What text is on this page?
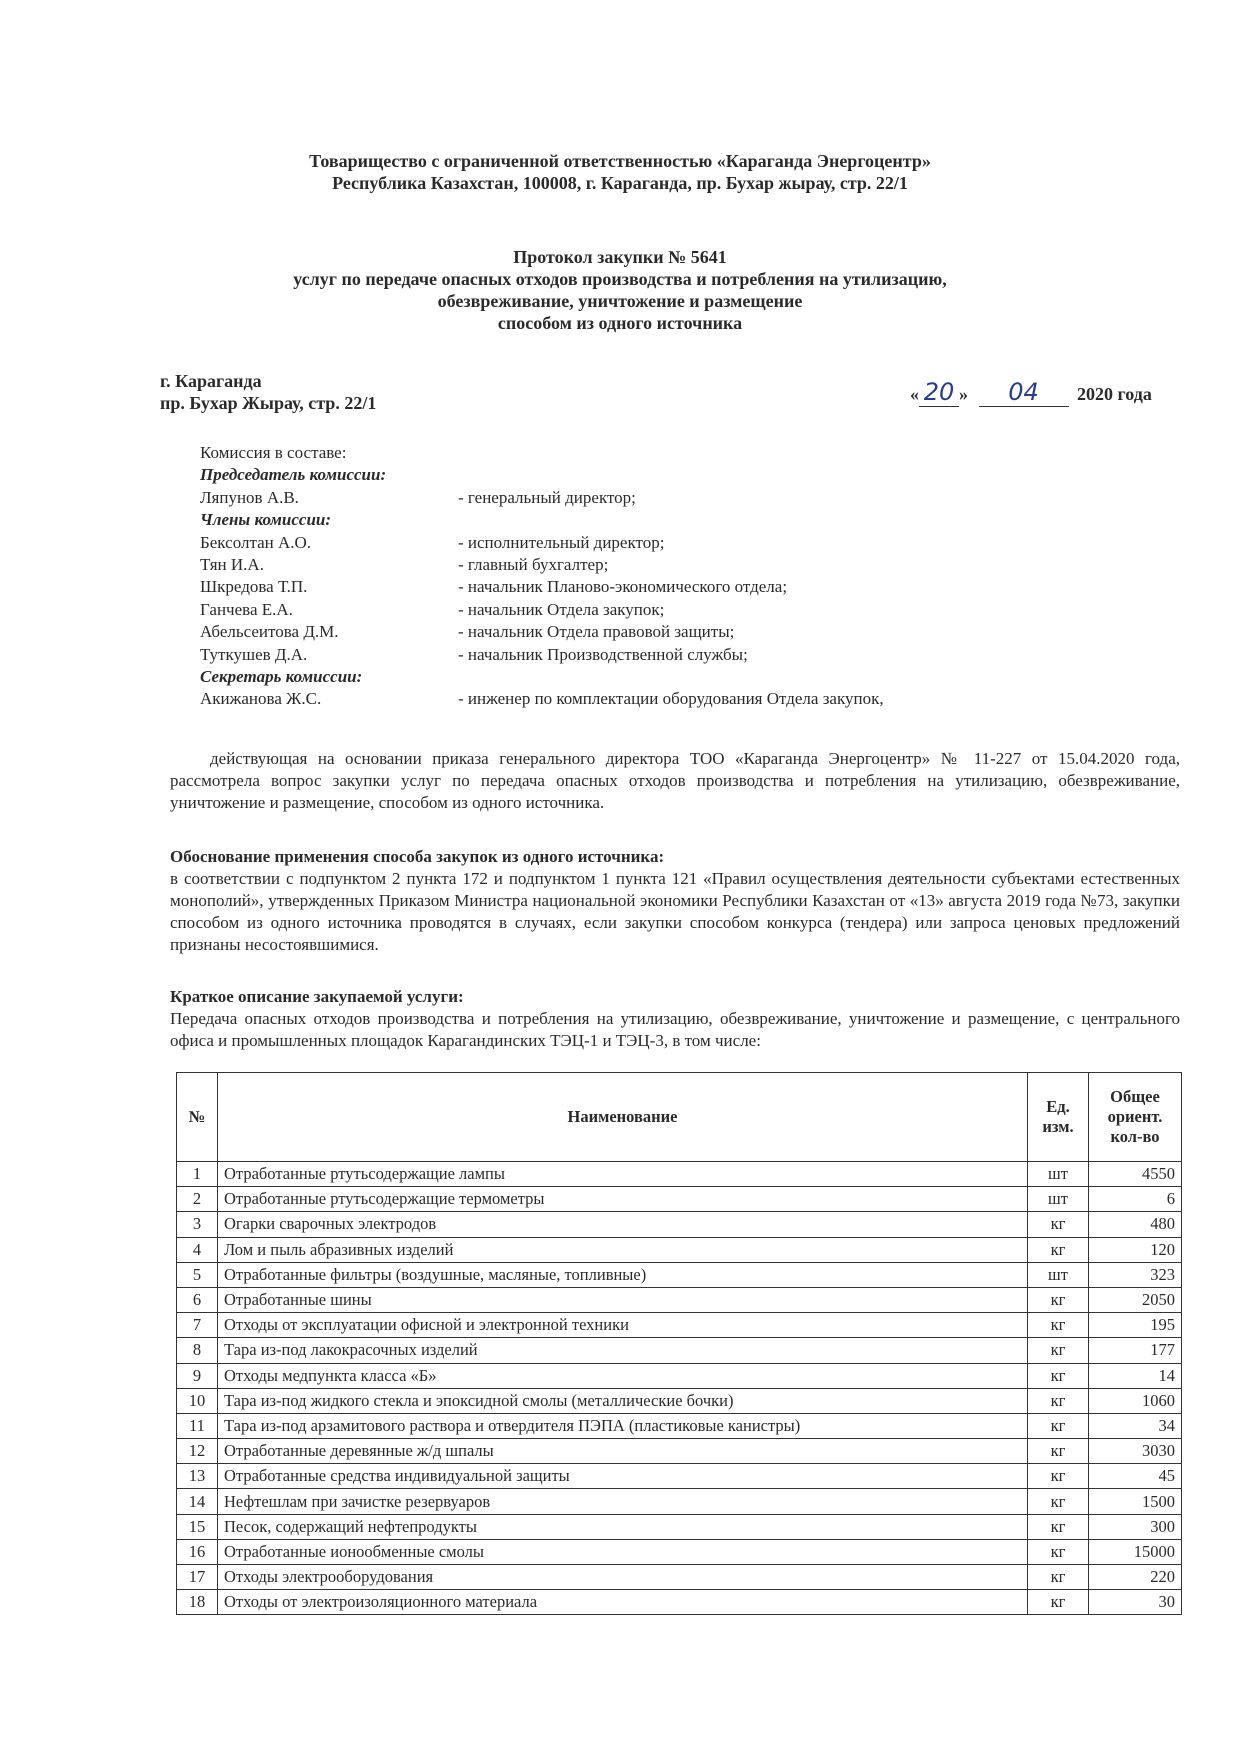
Товарищество с ограниченной ответственностью «Караганда Энергоцентр»
Республика Казахстан, 100008, г. Караганда, пр. Бухар жырау, стр. 22/1
Протокол закупки № 5641
услуг по передаче опасных отходов производства и потребления на утилизацию,
обезвреживание, уничтожение и размещение
способом из одного источника
г. Караганда
пр. Бухар Жырау, стр. 22/1	« 20 » 04 2020 года
Комиссия в составе:
Председатель комиссии:
Ляпунов А.В.	- генеральный директор;
Члены комиссии:
Бексолтан А.О.	- исполнительный директор;
Тян И.А.	- главный бухгалтер;
Шкредова Т.П.	- начальник Планово-экономического отдела;
Ганчева Е.А.	- начальник Отдела закупок;
Абельсеитова Д.М.	- начальник Отдела правовой защиты;
Туткушев Д.А.	- начальник Производственной службы;
Секретарь комиссии:
Акижанова Ж.С.	- инженер по комплектации оборудования Отдела закупок,
действующая на основании приказа генерального директора ТОО «Караганда Энергоцентр» № 11-227 от 15.04.2020 года, рассмотрела вопрос закупки услуг по передача опасных отходов производства и потребления на утилизацию, обезвреживание, уничтожение и размещение, способом из одного источника.
Обоснование применения способа закупок из одного источника:
в соответствии с подпунктом 2 пункта 172 и подпунктом 1 пункта 121 «Правил осуществления деятельности субъектами естественных монополий», утвержденных Приказом Министра национальной экономики Республики Казахстан от «13» августа 2019 года №73, закупки способом из одного источника проводятся в случаях, если закупки способом конкурса (тендера) или запроса ценовых предложений признаны несостоявшимися.
Краткое описание закупаемой услуги:
Передача опасных отходов производства и потребления на утилизацию, обезвреживание, уничтожение и размещение, с центрального офиса и промышленных площадок Карагандинских ТЭЦ-1 и ТЭЦ-3, в том числе:
№	Наименование	Ед. изм.	Общее ориент. кол-во
1	Отработанные ртутьсодержащие лампы	шт	4550
2	Отработанные ртутьсодержащие термометры	шт	6
3	Огарки сварочных электродов	кг	480
4	Лом и пыль абразивных изделий	кг	120
5	Отработанные фильтры (воздушные, масляные, топливные)	шт	323
6	Отработанные шины	кг	2050
7	Отходы от эксплуатации офисной и электронной техники	кг	195
8	Тара из-под лакокрасочных изделий	кг	177
9	Отходы медпункта класса «Б»	кг	14
10	Тара из-под жидкого стекла и эпоксидной смолы (металлические бочки)	кг	1060
11	Тара из-под арзамитового раствора и отвердителя ПЭПА (пластиковые канистры)	кг	34
12	Отработанные деревянные ж/д шпалы	кг	3030
13	Отработанные средства индивидуальной защиты	кг	45
14	Нефтешлам при зачистке резервуаров	кг	1500
15	Песок, содержащий нефтепродукты	кг	300
16	Отработанные ионообменные смолы	кг	15000
17	Отходы электрооборудования	кг	220
18	Отходы от электроизоляционного материала	кг	30
